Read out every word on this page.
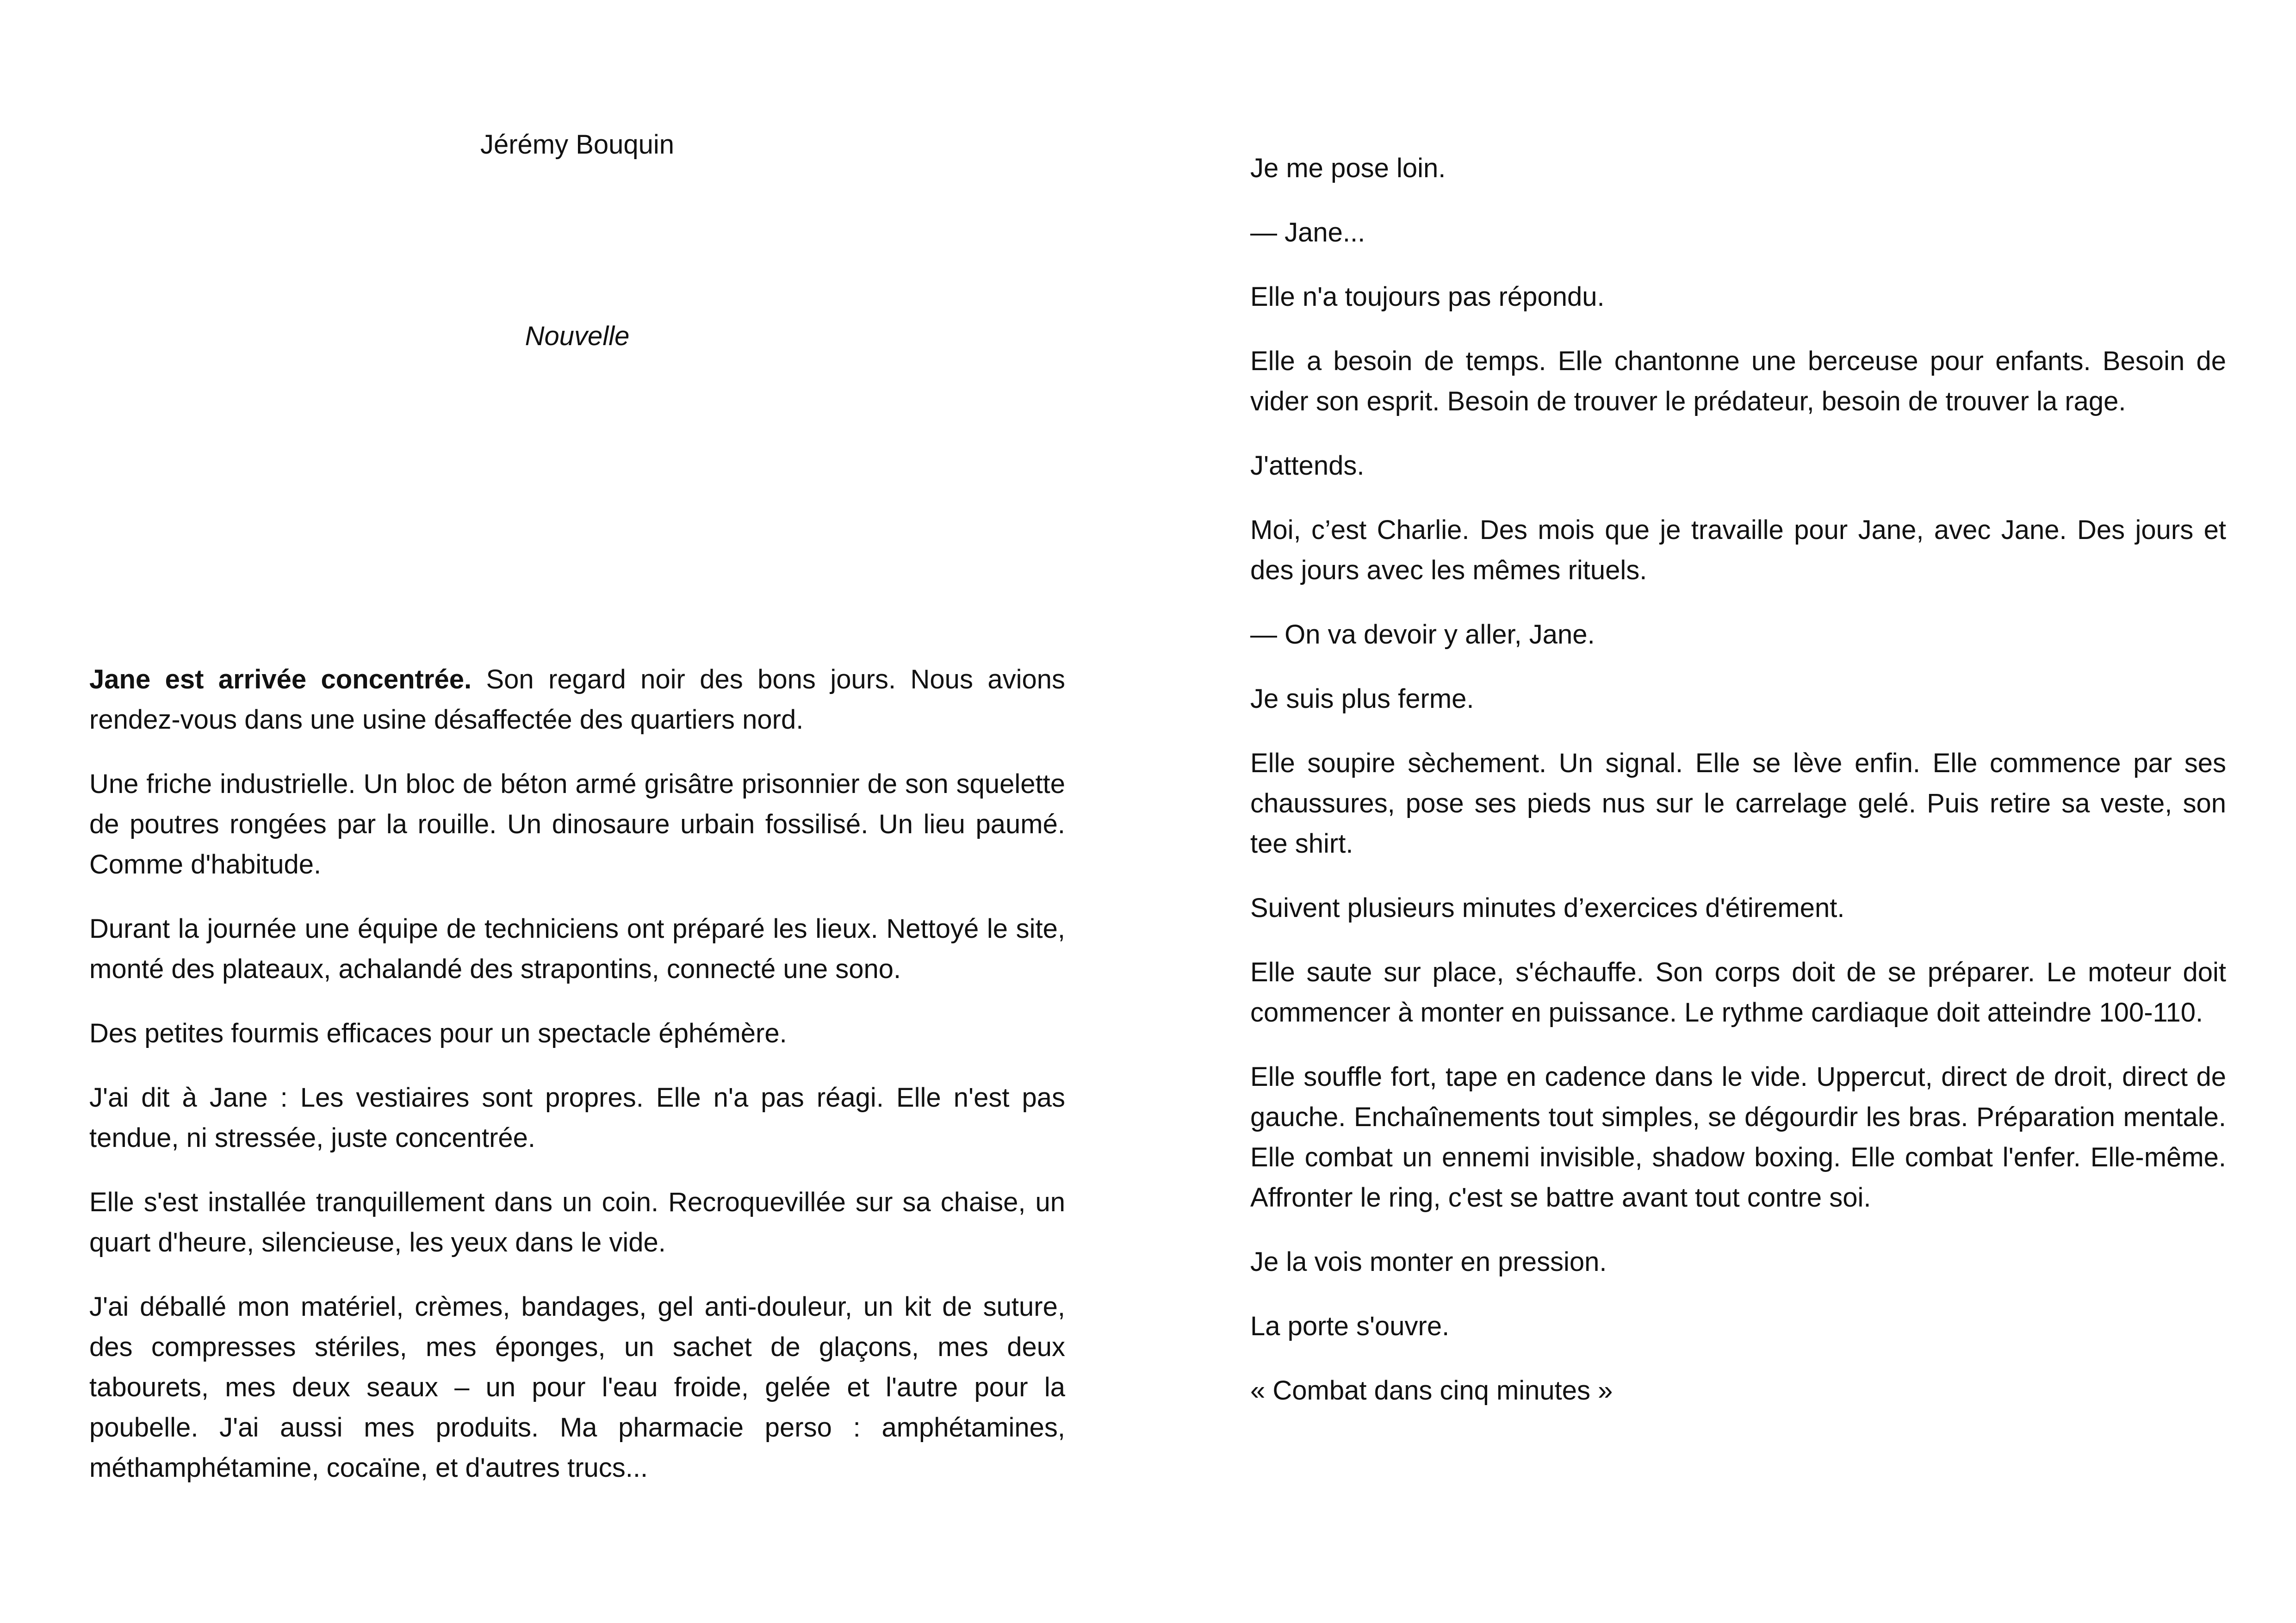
Jérémy Bouquin

Nouvelle

Jane est arrivée concentrée. Son regard noir des bons jours. Nous avions rendez-vous dans une usine désaffectée des quartiers nord.

Une friche industrielle. Un bloc de béton armé grisâtre prisonnier de son squelette de poutres rongées par la rouille. Un dinosaure urbain fossilisé. Un lieu paumé. Comme d'habitude.

Durant la journée une équipe de techniciens ont préparé les lieux. Nettoyé le site, monté des plateaux, achalandé des strapontins, connecté une sono.

Des petites fourmis efficaces pour un spectacle éphémère.

J'ai dit à Jane : Les vestiaires sont propres. Elle n'a pas réagi. Elle n'est pas tendue, ni stressée, juste concentrée.

Elle s'est installée tranquillement dans un coin. Recroquevillée sur sa chaise, un quart d'heure, silencieuse, les yeux dans le vide.

J'ai déballé mon matériel, crèmes, bandages, gel anti-douleur, un kit de suture, des compresses stériles, mes éponges, un sachet de glaçons, mes deux tabourets, mes deux seaux – un pour l'eau froide, gelée et l'autre pour la poubelle. J'ai aussi mes produits. Ma pharmacie perso : amphétamines, méthamphétamine, cocaïne, et d'autres trucs...

Je me pose loin.

— Jane...

Elle n'a toujours pas répondu.

Elle a besoin de temps. Elle chantonne une berceuse pour enfants. Besoin de vider son esprit. Besoin de trouver le prédateur, besoin de trouver la rage.

J'attends.

Moi, c’est Charlie. Des mois que je travaille pour Jane, avec Jane. Des jours et des jours avec les mêmes rituels.

— On va devoir y aller, Jane.

Je suis plus ferme.

Elle soupire sèchement. Un signal. Elle se lève enfin. Elle commence par ses chaussures, pose ses pieds nus sur le carrelage gelé. Puis retire sa veste, son tee shirt.

Suivent plusieurs minutes d’exercices d'étirement.

Elle saute sur place, s'échauffe. Son corps doit de se préparer. Le moteur doit commencer à monter en puissance. Le rythme cardiaque doit atteindre 100-110.

Elle souffle fort, tape en cadence dans le vide. Uppercut, direct de droit, direct de gauche. Enchaînements tout simples, se dégourdir les bras. Préparation mentale. Elle combat un ennemi invisible, shadow boxing. Elle combat l'enfer. Elle-même. Affronter le ring, c'est se battre avant tout contre soi.

Je la vois monter en pression.

La porte s'ouvre.

« Combat dans cinq minutes »
